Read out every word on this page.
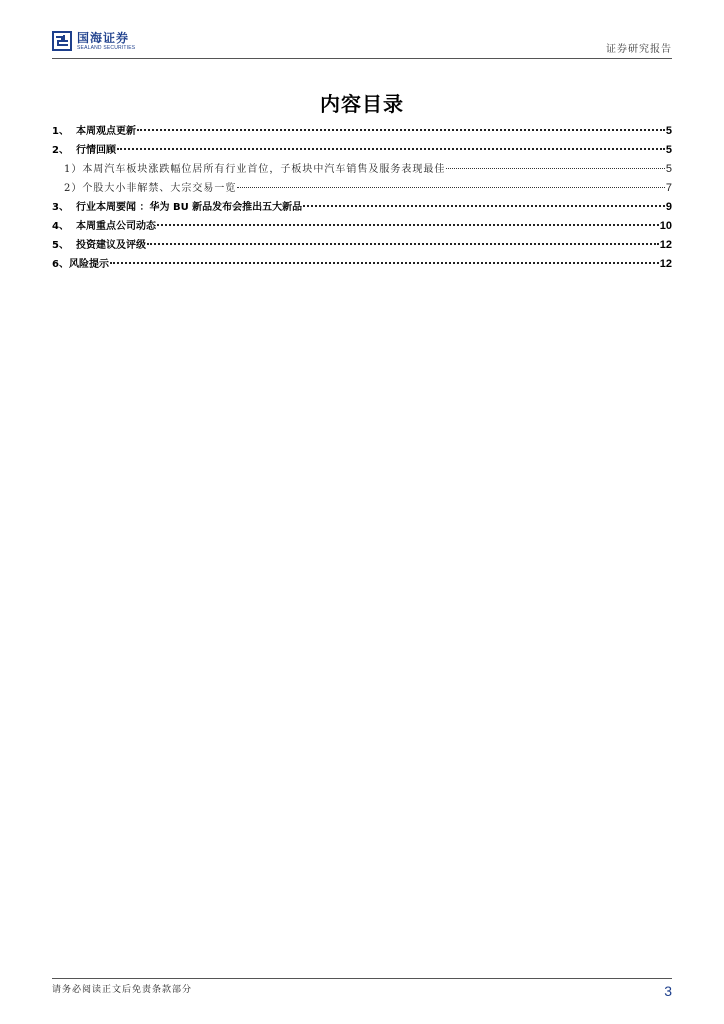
国海证券
SEALAND SECURITIES	证券研究报告
内容目录
1、 本周观点更新	5
2、 行情回顾	5
1） 本周汽车板块涨跌幅位居所有行业首位，子板块中汽车销售及服务表现最佳	5
2） 个股大小非解禁、大宗交易一览	7
3、 行业本周要闻 ：华为 BU 新品发布会推出五大新品	9
4、 本周重点公司动态	10
5、 投资建议及评级	12
6、 风险提示	12
请务必阅读正文后免责条款部分	3
